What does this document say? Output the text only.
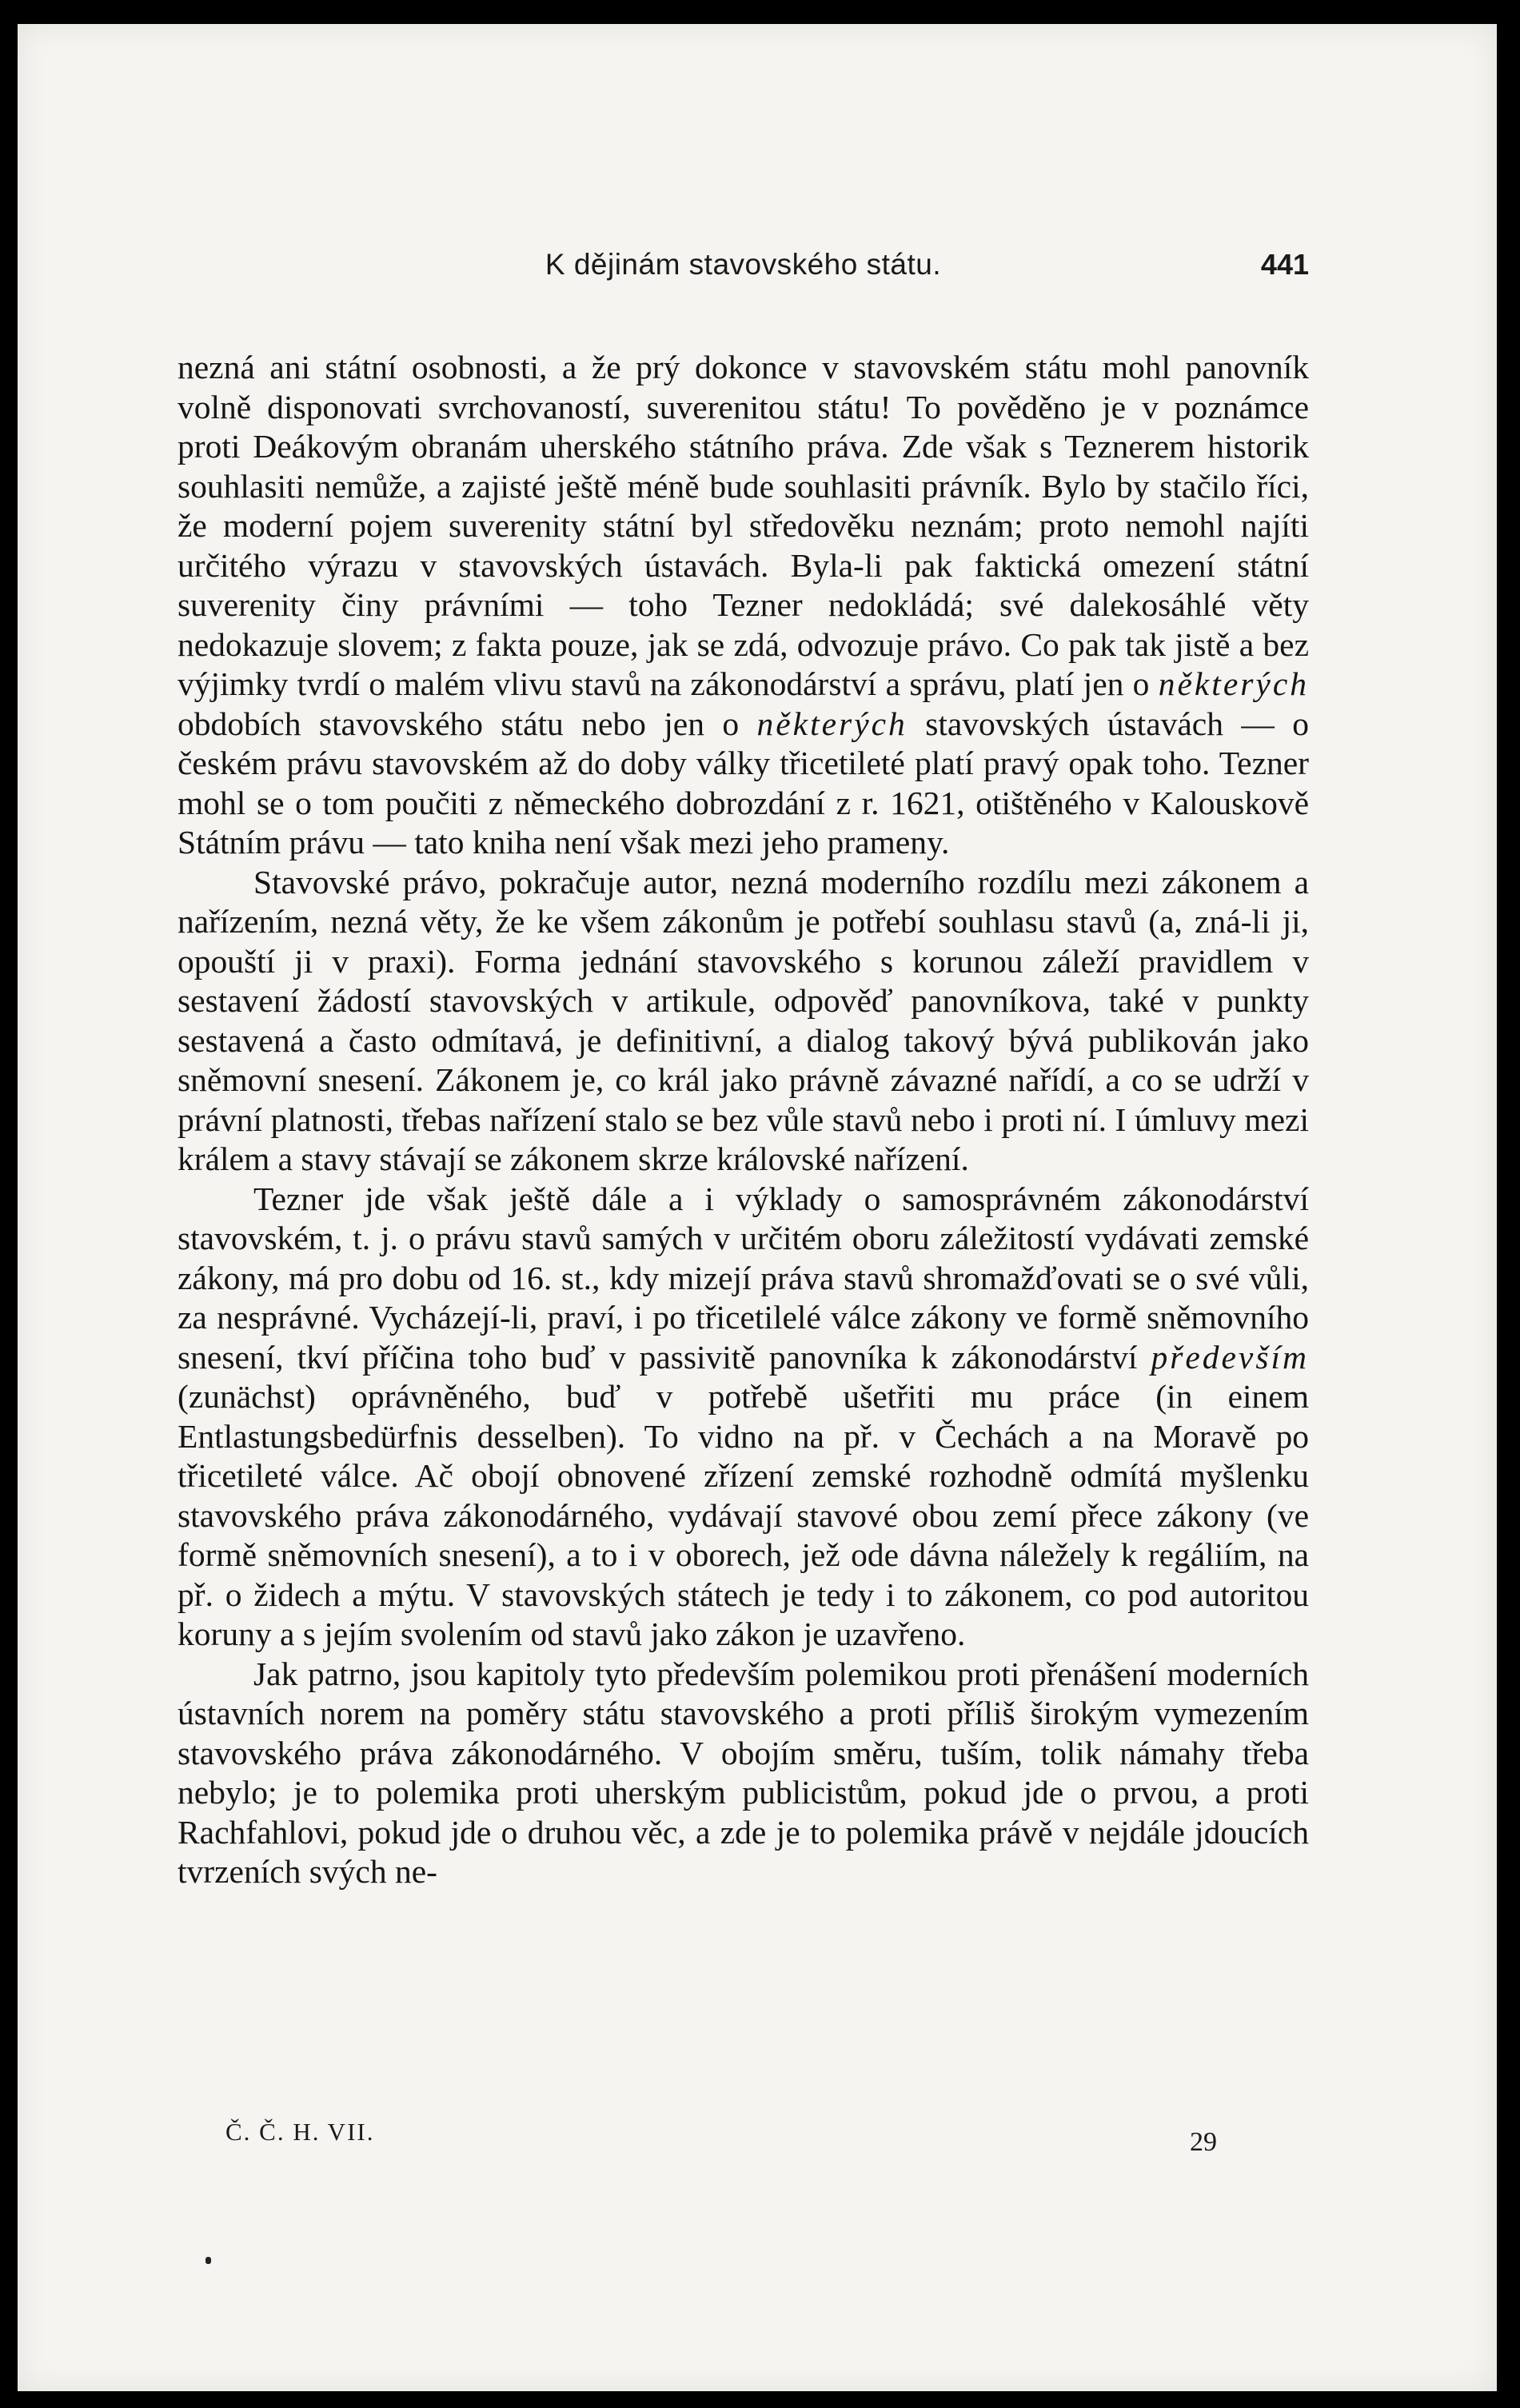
K dějinám stavovského státu.	441

nezná ani státní osobnosti, a že prý dokonce v stavovském státu mohl panovník volně disponovati svrchovaností, suverenitou státu! To pověděno je v poznámce proti Deákovým obranám uherského státního práva. Zde však s Teznerem historik souhlasiti nemůže, a zajisté ještě méně bude souhlasiti právník. Bylo by stačilo říci, že moderní pojem suverenity státní byl středověku neznám; proto nemohl najíti určitého výrazu v stavovských ústavách. Byla-li pak faktická omezení státní suverenity činy právními — toho Tezner nedokládá; své dalekosáhlé věty nedokazuje slovem; z fakta pouze, jak se zdá, odvozuje právo. Co pak tak jistě a bez výjimky tvrdí o malém vlivu stavů na zákonodárství a správu, platí jen o některých obdobích stavovského státu nebo jen o některých stavovských ústavách — o českém právu stavovském až do doby války třicetileté platí pravý opak toho. Tezner mohl se o tom poučiti z německého dobrozdání z r. 1621, otištěného v Kalouskově Státním právu — tato kniha není však mezi jeho prameny.

Stavovské právo, pokračuje autor, nezná moderního rozdílu mezi zákonem a nařízením, nezná věty, že ke všem zákonům je potřebí souhlasu stavů (a, zná-li ji, opouští ji v praxi). Forma jednání stavovského s korunou záleží pravidlem v sestavení žádostí stavovských v artikule, odpověď panovníkova, také v punkty sestavená a často odmítavá, je definitivní, a dialog takový bývá publikován jako sněmovní snesení. Zákonem je, co král jako právně závazné nařídí, a co se udrží v právní platnosti, třebas nařízení stalo se bez vůle stavů nebo i proti ní. I úmluvy mezi králem a stavy stávají se zákonem skrze královské nařízení.

Tezner jde však ještě dále a i výklady o samosprávném zákonodárství stavovském, t. j. o právu stavů samých v určitém oboru záležitostí vydávati zemské zákony, má pro dobu od 16. st., kdy mizejí práva stavů shromažďovati se o své vůli, za nesprávné. Vycházejí-li, praví, i po třicetilelé válce zákony ve formě sněmovního snesení, tkví příčina toho buď v passivitě panovníka k zákonodárství především (zunächst) oprávněného, buď v potřebě ušetřiti mu práce (in einem Entlastungsbedürfnis desselben). To vidno na př. v Čechách a na Moravě po třicetileté válce. Ač obojí obnovené zřízení zemské rozhodně odmítá myšlenku stavovského práva zákonodárného, vydávají stavové obou zemí přece zákony (ve formě sněmovních snesení), a to i v oborech, jež ode dávna náležely k regáliím, na př. o židech a mýtu. V stavovských státech je tedy i to zákonem, co pod autoritou koruny a s jejím svolením od stavů jako zákon je uzavřeno.

Jak patrno, jsou kapitoly tyto především polemikou proti přenášení moderních ústavních norem na poměry státu stavovského a proti příliš širokým vymezením stavovského práva zákonodárného. V obojím směru, tuším, tolik námahy třeba nebylo; je to polemika proti uherským publicistům, pokud jde o prvou, a proti Rachfahlovi, pokud jde o druhou věc, a zde je to polemika právě v nejdále jdoucích tvrzeních svých ne-

Č. Č. H. VII.	29
